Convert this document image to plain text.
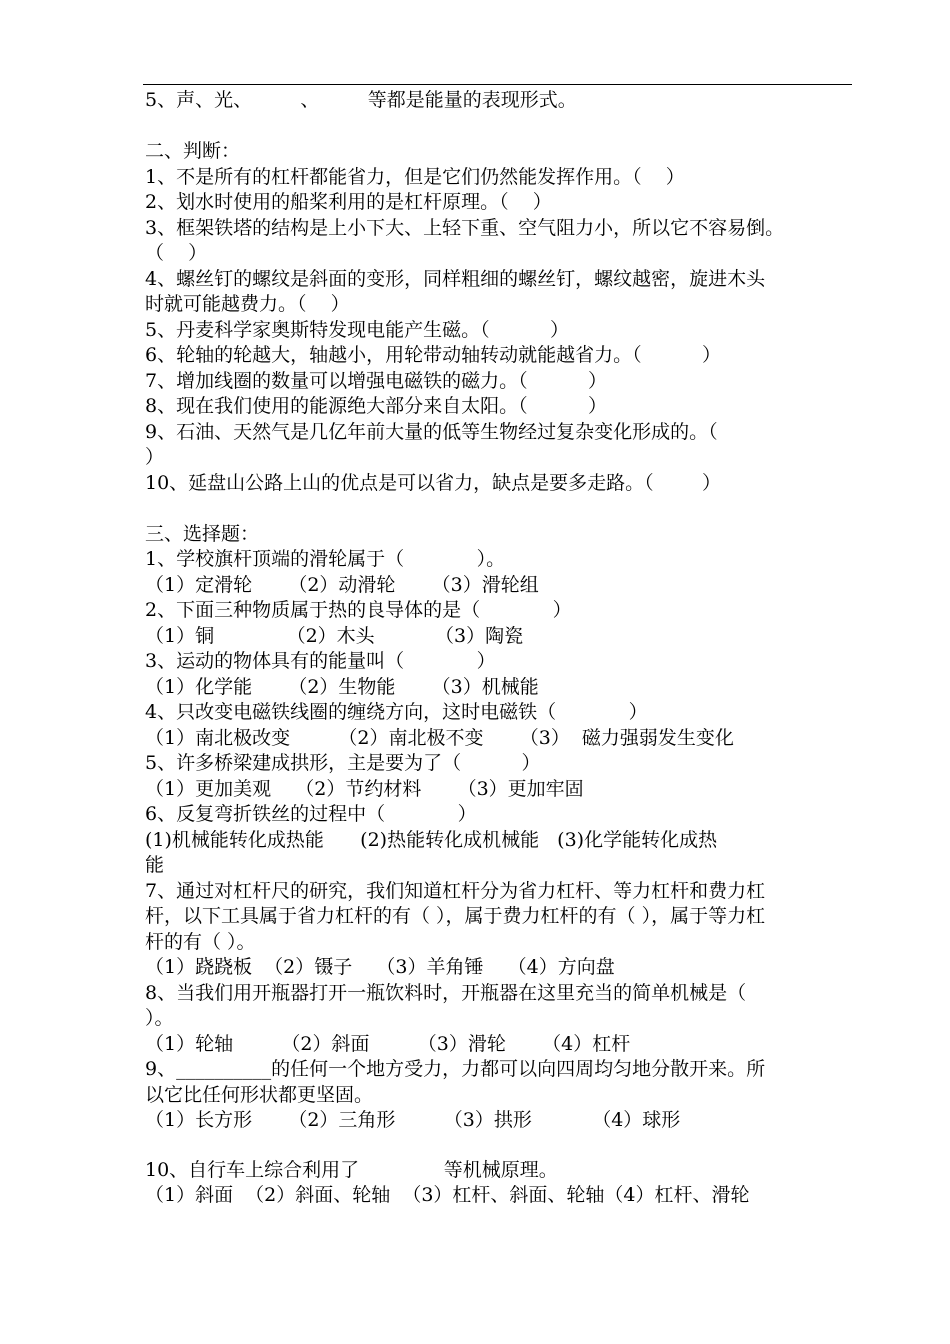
5、声、光、        、        等都是能量的表现形式。
二、判断：
1、不是所有的杠杆都能省力，但是它们仍然能发挥作用。（    ）
2、划水时使用的船桨利用的是杠杆原理。（    ）
3、框架铁塔的结构是上小下大、上轻下重、空气阻力小，所以它不容易倒。
（    ）
4、螺丝钉的螺纹是斜面的变形，同样粗细的螺丝钉，螺纹越密，旋进木头
时就可能越费力。（    ）
5、丹麦科学家奥斯特发现电能产生磁。（          ）
6、轮轴的轮越大，轴越小，用轮带动轴转动就能越省力。（          ）
7、增加线圈的数量可以增强电磁铁的磁力。（          ）
8、现在我们使用的能源绝大部分来自太阳。（          ）
9、石油、天然气是几亿年前大量的低等生物经过复杂变化形成的。（
）
10、延盘山公路上山的优点是可以省力，缺点是要多走路。（        ）
三、选择题：
1、学校旗杆顶端的滑轮属于（            ）。
（1）定滑轮      （2）动滑轮      （3）滑轮组
2、下面三种物质属于热的良导体的是（            ）
（1）铜            （2）木头          （3）陶瓷
3、运动的物体具有的能量叫（            ）
（1）化学能      （2）生物能      （3）机械能
4、只改变电磁铁线圈的缠绕方向，这时电磁铁（            ）
（1）南北极改变        （2）南北极不变      （3）  磁力强弱发生变化
5、许多桥梁建成拱形，主是要为了（          ）
（1）更加美观    （2）节约材料      （3）更加牢固
6、反复弯折铁丝的过程中（            ）
(1)机械能转化成热能      (2)热能转化成机械能   (3)化学能转化成热
能
7、通过对杠杆尺的研究，我们知道杠杆分为省力杠杆、等力杠杆和费力杠
杆，以下工具属于省力杠杆的有（ ），属于费力杠杆的有（ ），属于等力杠
杆的有（ ）。
（1）跷跷板  （2）镊子    （3）羊角锤    （4）方向盘
8、当我们用开瓶器打开一瓶饮料时，开瓶器在这里充当的简单机械是（
）。
（1）轮轴        （2）斜面        （3）滑轮      （4）杠杆
9、__________的任何一个地方受力，力都可以向四周均匀地分散开来。所
以它比任何形状都更坚固。
（1）长方形      （2）三角形        （3）拱形          （4）球形
10、自行车上综合利用了              等机械原理。
（1）斜面  （2）斜面、轮轴  （3）杠杆、斜面、轮轴（4）杠杆、滑轮
